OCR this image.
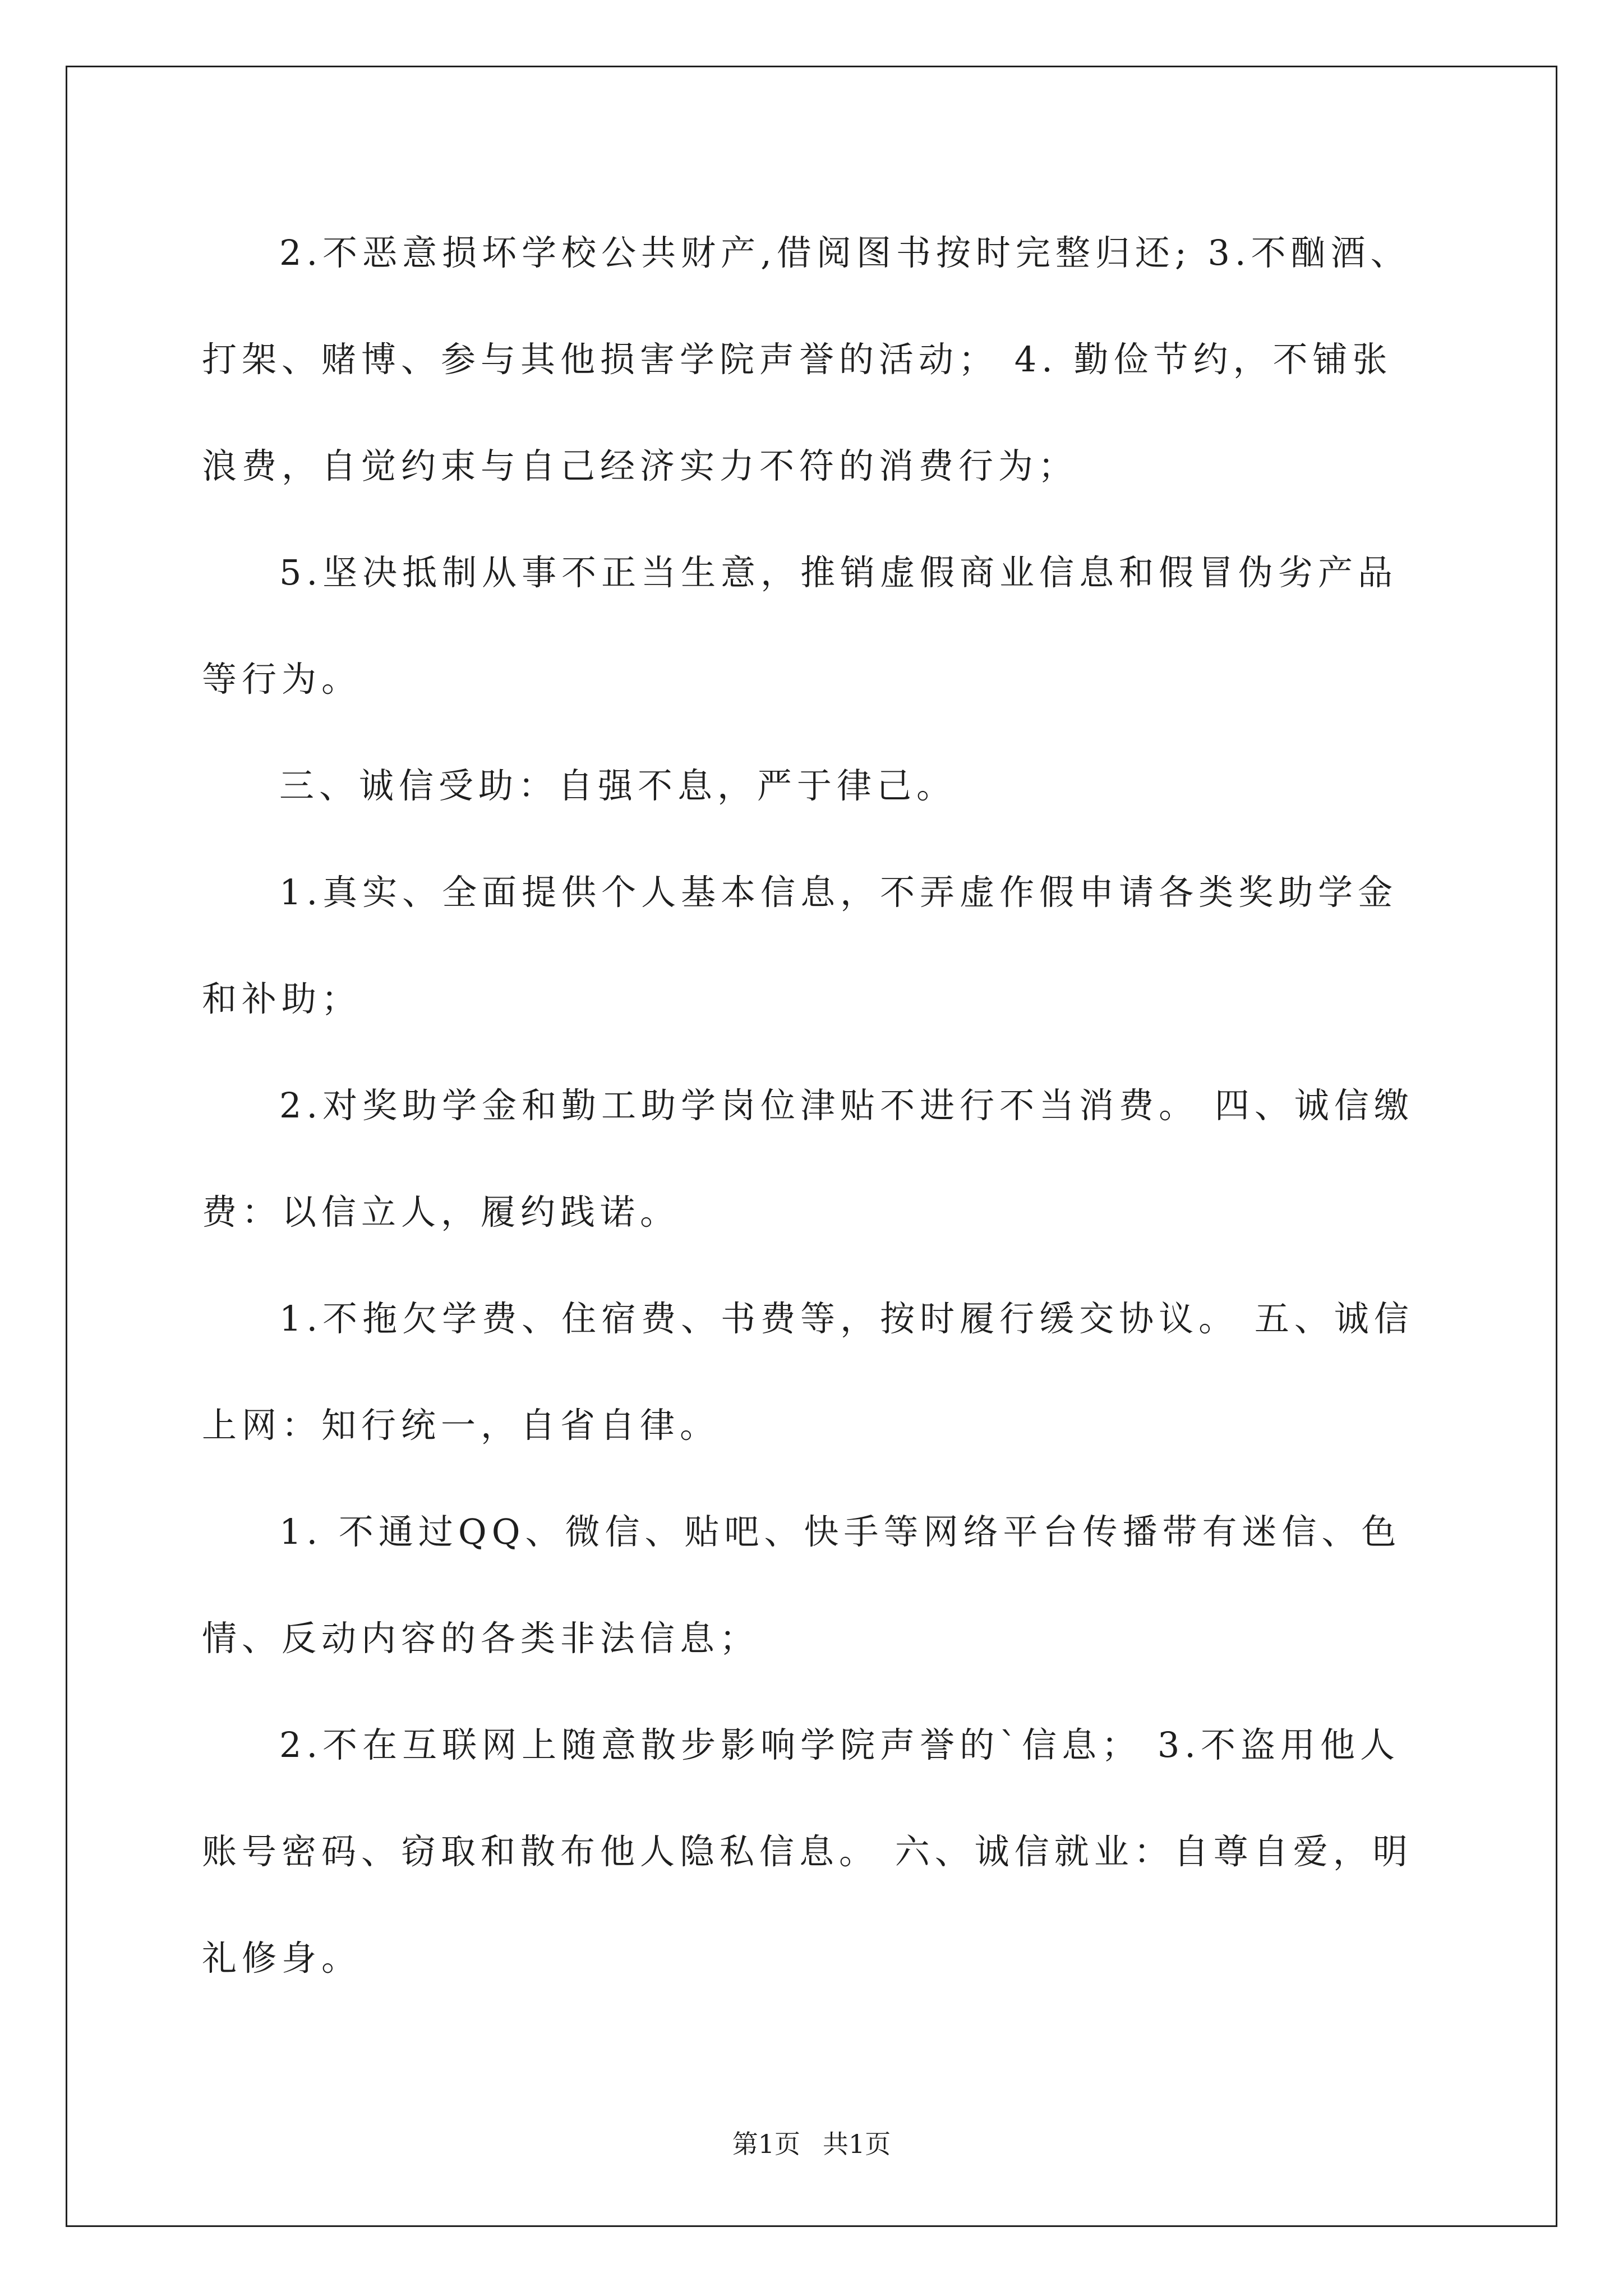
2.不恶意损坏学校公共财产,借阅图书按时完整归还; 3.不酗酒、
打架、赌博、参与其他损害学院声誉的活动； 4. 勤俭节约，不铺张
浪费，自觉约束与自己经济实力不符的消费行为；
5.坚决抵制从事不正当生意，推销虚假商业信息和假冒伪劣产品
等行为。
三、诚信受助：自强不息，严于律己。
1.真实、全面提供个人基本信息，不弄虚作假申请各类奖助学金
和补助；
2.对奖助学金和勤工助学岗位津贴不进行不当消费。 四、诚信缴
费：以信立人，履约践诺。
1.不拖欠学费、住宿费、书费等，按时履行缓交协议。 五、诚信
上网：知行统一，自省自律。
1. 不通过QQ、微信、贴吧、快手等网络平台传播带有迷信、色
情、反动内容的各类非法信息；
2.不在互联网上随意散步影响学院声誉的`信息； 3.不盗用他人
账号密码、窃取和散布他人隐私信息。 六、诚信就业：自尊自爱，明
礼修身。
第1页 共1页
